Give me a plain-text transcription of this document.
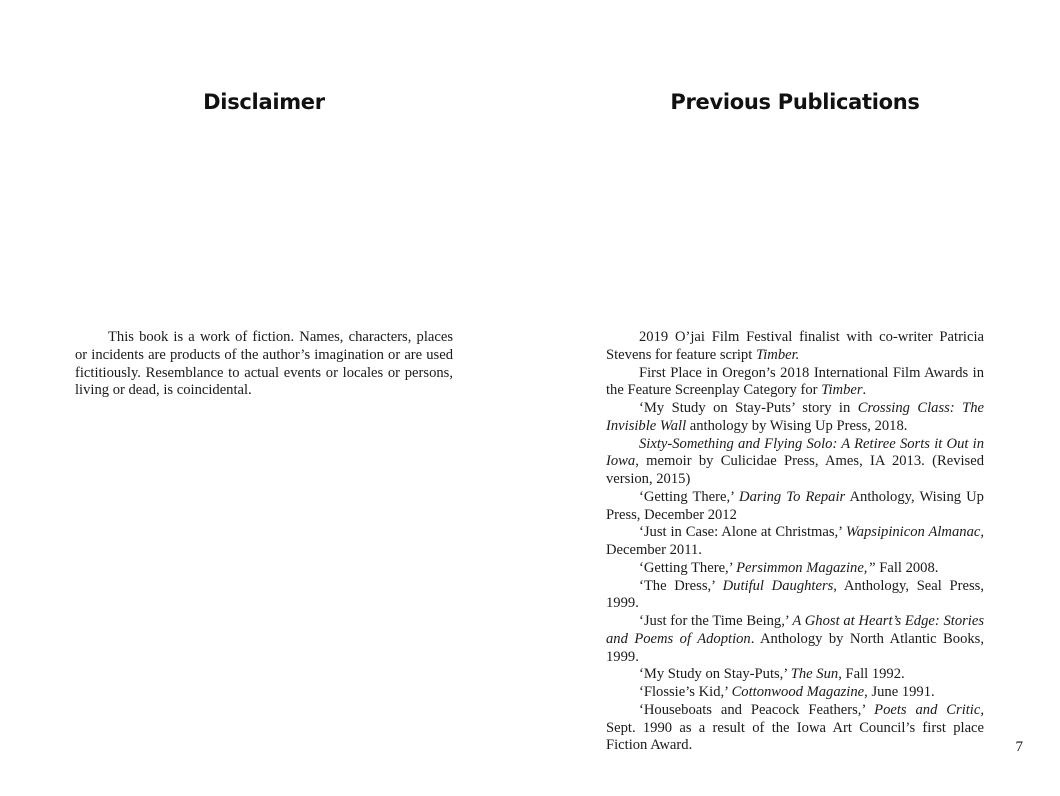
Disclaimer

This book is a work of fiction. Names, characters, places or incidents are products of the author’s imagination or are used fictitiously. Resemblance to actual events or locales or persons, living or dead, is coincidental.

Previous Publications

2019 O’jai Film Festival finalist with co-writer Patricia Stevens for feature script Timber.

First Place in Oregon’s 2018 International Film Awards in the Feature Screenplay Category for Timber.

‘My Study on Stay-Puts’ story in Crossing Class: The Invisible Wall anthology by Wising Up Press, 2018.

Sixty-Something and Flying Solo: A Retiree Sorts it Out in Iowa, memoir by Culicidae Press, Ames, IA 2013. (Revised version, 2015)

‘Getting There,’ Daring To Repair Anthology, Wising Up Press, December 2012

‘Just in Case: Alone at Christmas,’ Wapsipinicon Almanac, December 2011.

‘Getting There,’ Persimmon Magazine,” Fall 2008.

‘The Dress,’ Dutiful Daughters, Anthology, Seal Press, 1999.

‘Just for the Time Being,’ A Ghost at Heart’s Edge: Stories and Poems of Adoption. Anthology by North Atlantic Books, 1999.

‘My Study on Stay-Puts,’ The Sun, Fall 1992.

‘Flossie’s Kid,’ Cottonwood Magazine, June 1991.

‘Houseboats and Peacock Feathers,’ Poets and Critic, Sept. 1990 as a result of the Iowa Art Council’s first place Fiction Award.	7
